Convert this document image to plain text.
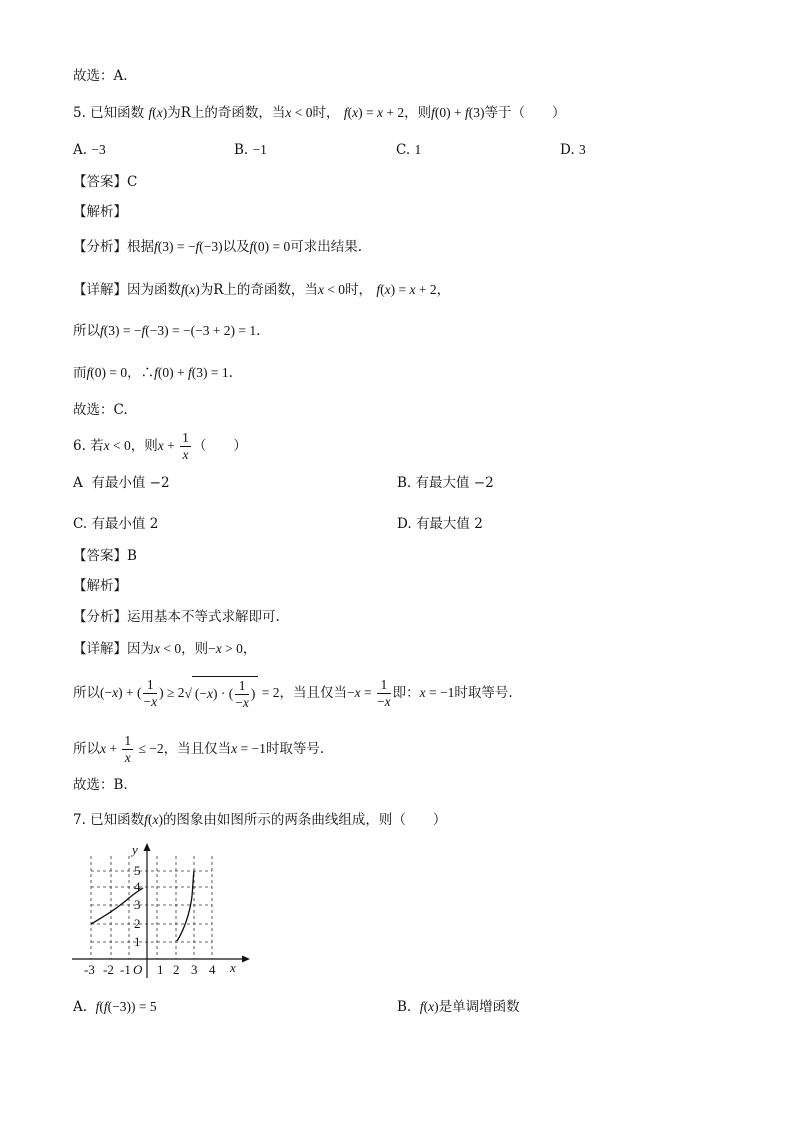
故选：A.
5. 已知函数 f(x)为R上的奇函数，当x < 0时， f(x) = x + 2，则f(0) + f(3)等于（　　）
A. −3	B. −1	C. 1	D. 3
【答案】C
【解析】
【分析】根据f(3) = −f(−3)以及f(0) = 0可求出结果.
【详解】因为函数f(x)为R上的奇函数，当x < 0时， f(x) = x + 2，
所以f(3) = −f(−3) = −(−3 + 2) = 1.
而f(0) = 0，∴f(0) + f(3) = 1.
故选：C.
6. 若x < 0，则$x + \frac{1}{x}$ （　　）
A 有最小值 −2	B. 有最大值 −2
C. 有最小值 2	D. 有最大值 2
【答案】B
【解析】
【分析】运用基本不等式求解即可.
【详解】因为x < 0，则−x > 0，
所以(−x) + ( $\frac{1}{-x}$ ) ≥ 2√ (−x) · ( $\frac{1}{-x}$ ) = 2，当且仅当$-x = \frac{1}{-x}$ 即：x = −1时取等号.
所以$x + \frac{1}{x} \le -2$，当且仅当x = −1时取等号.
故选：B.
7. 已知函数f(x)的图象由如图所示的两条曲线组成，则（　　）
y
x
O
-3 -2 -1 1 2 3 4
1
2
3
4
5
A. f(f(−3)) = 5	B. f(x)是单调增函数
